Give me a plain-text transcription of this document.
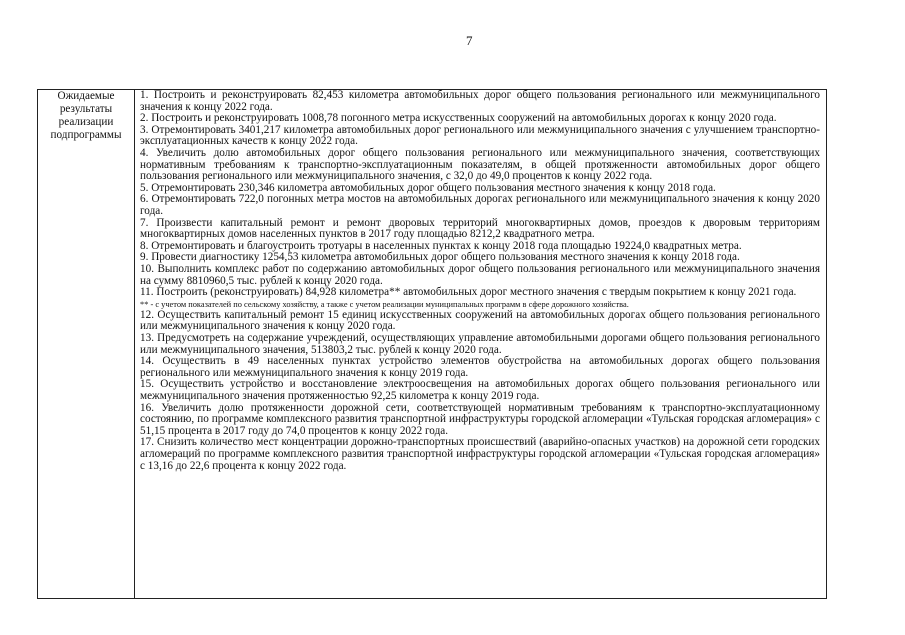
7
Ожидаемые
результаты
реализации
подпрограммы

1. Построить и реконструировать 82,453 километра автомобильных дорог общего пользования регионального или межмуниципального значения к концу 2022 года.

2. Построить и реконструировать 1008,78 погонного метра искусственных сооружений на автомобильных дорогах к концу 2020 года.

3. Отремонтировать 3401,217 километра автомобильных дорог регионального или межмуниципального значения с улучшением транспортно-эксплуатационных качеств к концу 2022 года.

4. Увеличить долю автомобильных дорог общего пользования регионального или межмуниципального значения, соответствующих нормативным требованиям к транспортно-эксплуатационным показателям, в общей протяженности автомобильных дорог общего пользования регионального или межмуниципального значения, с 32,0 до 49,0 процентов к концу 2022 года.

5. Отремонтировать 230,346 километра автомобильных дорог общего пользования местного значения к концу 2018 года.

6. Отремонтировать 722,0 погонных метра мостов на автомобильных дорогах регионального или межмуниципального значения к концу 2020 года.

7. Произвести капитальный ремонт и ремонт дворовых территорий многоквартирных домов, проездов к дворовым территориям многоквартирных домов населенных пунктов в 2017 году площадью 8212,2 квадратного метра.

8. Отремонтировать и благоустроить тротуары в населенных пунктах к концу 2018 года площадью 19224,0 квадратных метра.

9. Провести диагностику 1254,53 километра автомобильных дорог общего пользования местного значения к концу 2018 года.

10. Выполнить комплекс работ по содержанию автомобильных дорог общего пользования регионального или межмуниципального значения на сумму 8810960,5 тыс. рублей к концу 2020 года.

11. Построить (реконструировать) 84,928 километра** автомобильных дорог местного значения с твердым покрытием к концу 2021 года.

** - с учетом показателей по сельскому хозяйству, а также с учетом реализации муниципальных программ в сфере дорожного хозяйства.

12. Осуществить капитальный ремонт 15 единиц искусственных сооружений на автомобильных дорогах общего пользования регионального или межмуниципального значения к концу 2020 года.

13. Предусмотреть на содержание учреждений, осуществляющих управление автомобильными дорогами общего пользования регионального или межмуниципального значения, 513803,2 тыс. рублей к концу 2020 года.

14. Осуществить в 49 населенных пунктах устройство элементов обустройства на автомобильных дорогах общего пользования регионального или межмуниципального значения к концу 2019 года.

15. Осуществить устройство и восстановление электроосвещения на автомобильных дорогах общего пользования регионального или межмуниципального значения протяженностью 92,25 километра к концу 2019 года.

16. Увеличить долю протяженности дорожной сети, соответствующей нормативным требованиям к транспортно-эксплуатационному состоянию, по программе комплексного развития транспортной инфраструктуры городской агломерации «Тульская городская агломерация» с 51,15 процента в 2017 году до 74,0 процентов к концу 2022 года.

17. Снизить количество мест концентрации дорожно-транспортных происшествий (аварийно-опасных участков) на дорожной сети городских агломераций по программе комплексного развития транспортной инфраструктуры городской агломерации «Тульская городская агломерация» с 13,16 до 22,6 процента к концу 2022 года.
